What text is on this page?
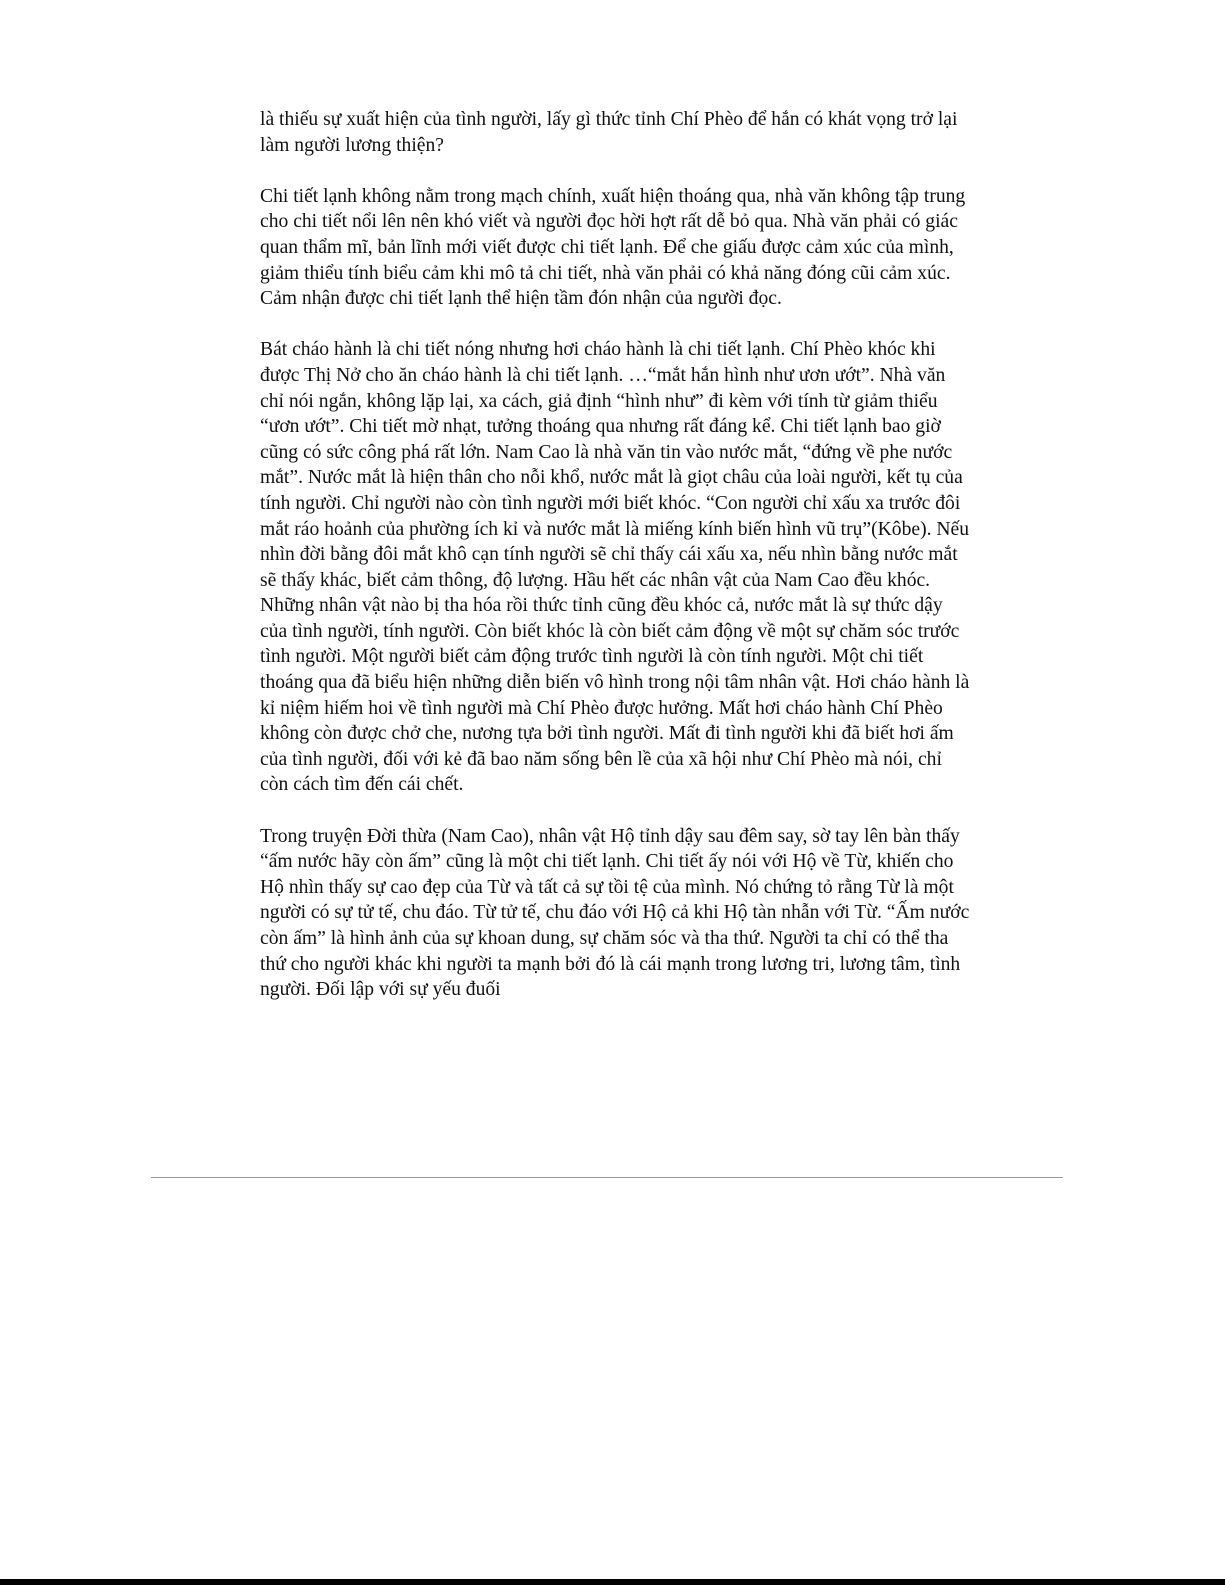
là thiếu sự xuất hiện của tình người, lấy gì thức tỉnh Chí Phèo để hắn có khát vọng trở lại làm người lương thiện?

Chi tiết lạnh không nằm trong mạch chính, xuất hiện thoáng qua, nhà văn không tập trung cho chi tiết nổi lên nên khó viết và người đọc hời hợt rất dễ bỏ qua. Nhà văn phải có giác quan thẩm mĩ, bản lĩnh mới viết được chi tiết lạnh. Để che giấu được cảm xúc của mình, giảm thiểu tính biểu cảm khi mô tả chi tiết, nhà văn phải có khả năng đóng cũi cảm xúc. Cảm nhận được chi tiết lạnh thể hiện tầm đón nhận của người đọc.

Bát cháo hành là chi tiết nóng nhưng hơi cháo hành là chi tiết lạnh. Chí Phèo khóc khi được Thị Nở cho ăn cháo hành là chi tiết lạnh. …“mắt hắn hình như ươn ướt”. Nhà văn chỉ nói ngắn, không lặp lại, xa cách, giả định “hình như” đi kèm với tính từ giảm thiểu “ươn ướt”. Chi tiết mờ nhạt, tưởng thoáng qua nhưng rất đáng kể. Chi tiết lạnh bao giờ cũng có sức công phá rất lớn. Nam Cao là nhà văn tin vào nước mắt, “đứng về phe nước mắt”. Nước mắt là hiện thân cho nỗi khổ, nước mắt là giọt châu của loài người, kết tụ của tính người. Chỉ người nào còn tình người mới biết khóc. “Con người chỉ xấu xa trước đôi mắt ráo hoảnh của phường ích kỉ và nước mắt là miếng kính biến hình vũ trụ”(Kôbe). Nếu nhìn đời bằng đôi mắt khô cạn tính người sẽ chỉ thấy cái xấu xa, nếu nhìn bằng nước mắt sẽ thấy khác, biết cảm thông, độ lượng. Hầu hết các nhân vật của Nam Cao đều khóc. Những nhân vật nào bị tha hóa rồi thức tỉnh cũng đều khóc cả, nước mắt là sự thức dậy của tình người, tính người. Còn biết khóc là còn biết cảm động về một sự chăm sóc trước tình người. Một người biết cảm động trước tình người là còn tính người. Một chi tiết thoáng qua đã biểu hiện những diễn biến vô hình trong nội tâm nhân vật. Hơi cháo hành là kỉ niệm hiếm hoi về tình người mà Chí Phèo được hưởng. Mất hơi cháo hành Chí Phèo không còn được chở che, nương tựa bởi tình người. Mất đi tình người khi đã biết hơi ấm của tình người, đối với kẻ đã bao năm sống bên lề của xã hội như Chí Phèo mà nói, chỉ còn cách tìm đến cái chết.

Trong truyện Đời thừa (Nam Cao), nhân vật Hộ tỉnh dậy sau đêm say, sờ tay lên bàn thấy “ấm nước hãy còn ấm” cũng là một chi tiết lạnh. Chi tiết ấy nói với Hộ về Từ, khiến cho Hộ nhìn thấy sự cao đẹp của Từ và tất cả sự tồi tệ của mình. Nó chứng tỏ rằng Từ là một người có sự tử tế, chu đáo. Từ tử tế, chu đáo với Hộ cả khi Hộ tàn nhẫn với Từ. “Ấm nước còn ấm” là hình ảnh của sự khoan dung, sự chăm sóc và tha thứ. Người ta chỉ có thể tha thứ cho người khác khi người ta mạnh bởi đó là cái mạnh trong lương tri, lương tâm, tình người. Đối lập với sự yếu đuối
